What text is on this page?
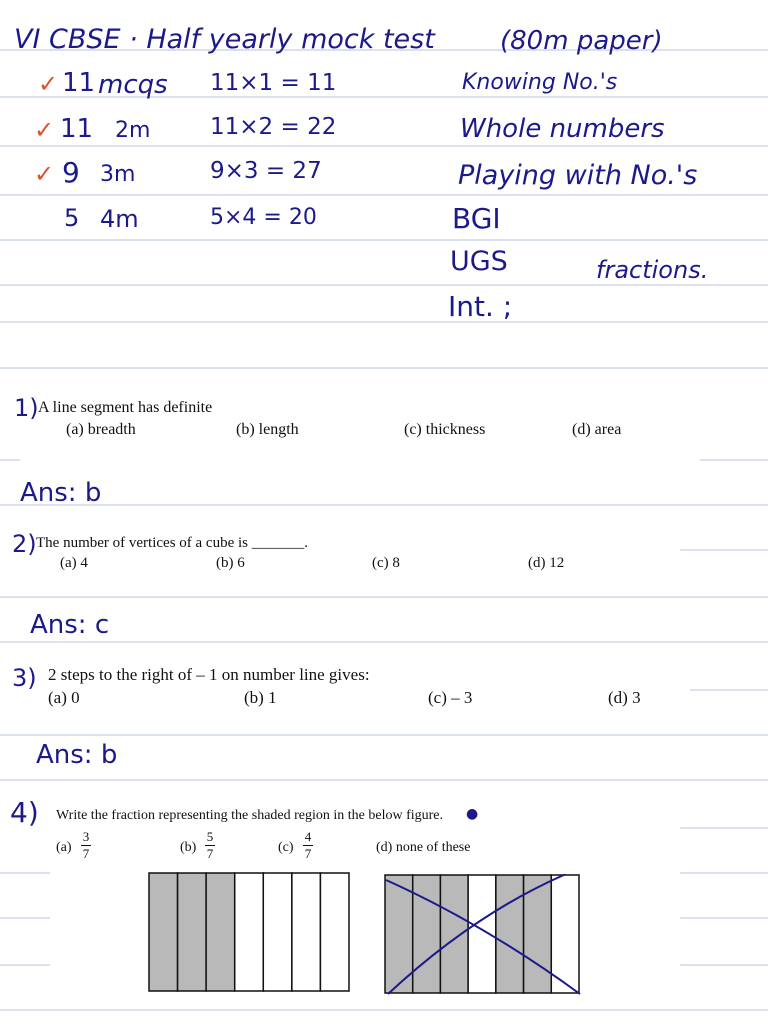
VI CBSE · Half yearly mock test	(80m paper)
✓ 11 mcqs 11×1 = 11
✓ 11 2m	11×2 = 22
✓ 9 3m	9×3 = 27
5 4m	5×4 = 20
Knowing No.'s
Whole numbers
Playing with No.'s
BGI
UGS	fractions.
Int. ;
1) A line segment has definite
(a) breadth	(b) length	(c) thickness	(d) area
Ans: b
2) The number of vertices of a cube is _______.
(a) 4	(b) 6	(c) 8	(d) 12
Ans: c
3) 2 steps to the right of – 1 on number line gives:
(a) 0	(b) 1	(c) – 3	(d) 3
Ans: b
4) Write the fraction representing the shaded region in the below figure. ●
(a)
3
7	(b)
5
7	(c)
4
7	(d) none of these
